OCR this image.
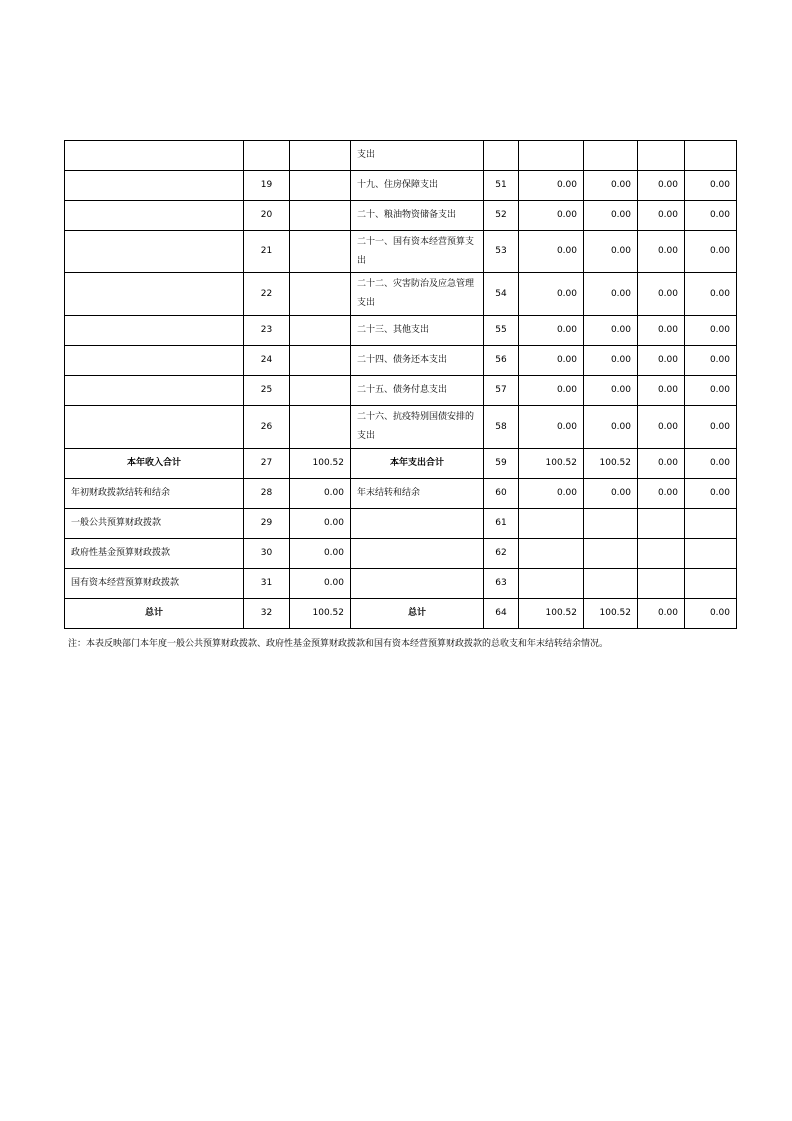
			支出					
	19		十九、住房保障支出	51	0.00	0.00	0.00	0.00
	20		二十、粮油物资储备支出	52	0.00	0.00	0.00	0.00
	21		二十一、国有资本经营预算支出	53	0.00	0.00	0.00	0.00
	22		二十二、灾害防治及应急管理支出	54	0.00	0.00	0.00	0.00
	23		二十三、其他支出	55	0.00	0.00	0.00	0.00
	24		二十四、债务还本支出	56	0.00	0.00	0.00	0.00
	25		二十五、债务付息支出	57	0.00	0.00	0.00	0.00
	26		二十六、抗疫特别国债安排的支出	58	0.00	0.00	0.00	0.00
本年收入合计	27	100.52	本年支出合计	59	100.52	100.52	0.00	0.00
年初财政拨款结转和结余	28	0.00	年末结转和结余	60	0.00	0.00	0.00	0.00
一般公共预算财政拨款	29	0.00		61				
政府性基金预算财政拨款	30	0.00		62				
国有资本经营预算财政拨款	31	0.00		63				
总计	32	100.52	总计	64	100.52	100.52	0.00	0.00
注：本表反映部门本年度一般公共预算财政拨款、政府性基金预算财政拨款和国有资本经营预算财政拨款的总收支和年末结转结余情况。
